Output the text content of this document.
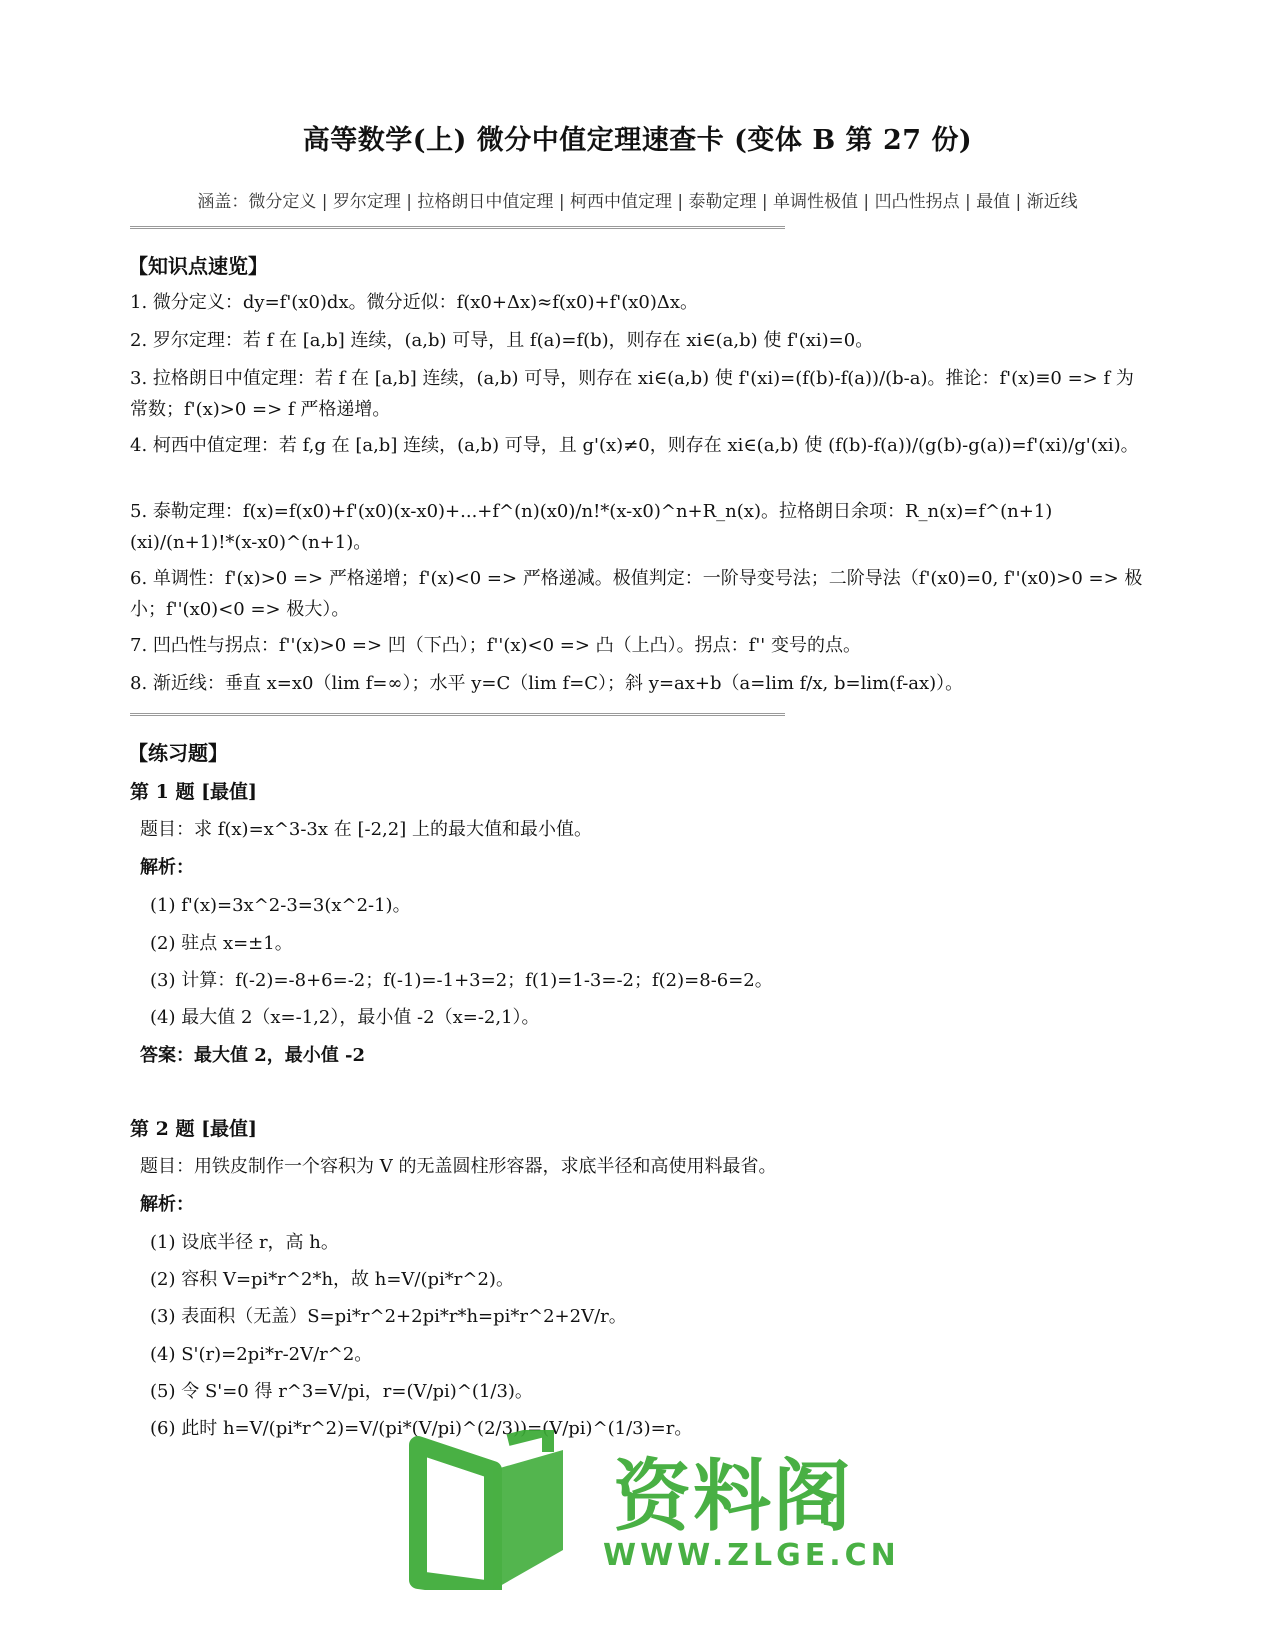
高等数学(上) 微分中值定理速查卡 (变体 B 第 27 份)
涵盖：微分定义 | 罗尔定理 | 拉格朗日中值定理 | 柯西中值定理 | 泰勒定理 | 单调性极值 | 凹凸性拐点 | 最值 | 渐近线
【知识点速览】
1. 微分定义：dy=f'(x0)dx。微分近似：f(x0+Δx)≈f(x0)+f'(x0)Δx。
2. 罗尔定理：若 f 在 [a,b] 连续，(a,b) 可导，且 f(a)=f(b)，则存在 xi∈(a,b) 使 f'(xi)=0。
3. 拉格朗日中值定理：若 f 在 [a,b] 连续，(a,b) 可导，则存在 xi∈(a,b) 使 f'(xi)=(f(b)-f(a))/(b-a)。推论：f'(x)≡0 => f 为常数；f'(x)>0 => f 严格递增。
4. 柯西中值定理：若 f,g 在 [a,b] 连续，(a,b) 可导，且 g'(x)≠0，则存在 xi∈(a,b) 使 (f(b)-f(a))/(g(b)-g(a))=f'(xi)/g'(xi)。
5. 泰勒定理：f(x)=f(x0)+f'(x0)(x-x0)+...+f^(n)(x0)/n!*(x-x0)^n+R_n(x)。拉格朗日余项：R_n(x)=f^(n+1)(xi)/(n+1)!*(x-x0)^(n+1)。
6. 单调性：f'(x)>0 => 严格递增；f'(x)<0 => 严格递减。极值判定：一阶导变号法；二阶导法（f'(x0)=0, f''(x0)>0 => 极小；f''(x0)<0 => 极大）。
7. 凹凸性与拐点：f''(x)>0 => 凹（下凸）；f''(x)<0 => 凸（上凸）。拐点：f'' 变号的点。
8. 渐近线：垂直 x=x0（lim f=∞）；水平 y=C（lim f=C）；斜 y=ax+b（a=lim f/x, b=lim(f-ax)）。
【练习题】
第 1 题 [最值]
题目：求 f(x)=x^3-3x 在 [-2,2] 上的最大值和最小值。
解析：
(1) f'(x)=3x^2-3=3(x^2-1)。
(2) 驻点 x=±1。
(3) 计算：f(-2)=-8+6=-2；f(-1)=-1+3=2；f(1)=1-3=-2；f(2)=8-6=2。
(4) 最大值 2（x=-1,2），最小值 -2（x=-2,1）。
答案：最大值 2，最小值 -2
第 2 题 [最值]
题目：用铁皮制作一个容积为 V 的无盖圆柱形容器，求底半径和高使用料最省。
解析：
(1) 设底半径 r，高 h。
(2) 容积 V=pi*r^2*h，故 h=V/(pi*r^2)。
(3) 表面积（无盖）S=pi*r^2+2pi*r*h=pi*r^2+2V/r。
(4) S'(r)=2pi*r-2V/r^2。
(5) 令 S'=0 得 r^3=V/pi，r=(V/pi)^(1/3)。
(6) 此时 h=V/(pi*r^2)=V/(pi*(V/pi)^(2/3))=(V/pi)^(1/3)=r。
资料阁
WWW.ZLGE.CN
